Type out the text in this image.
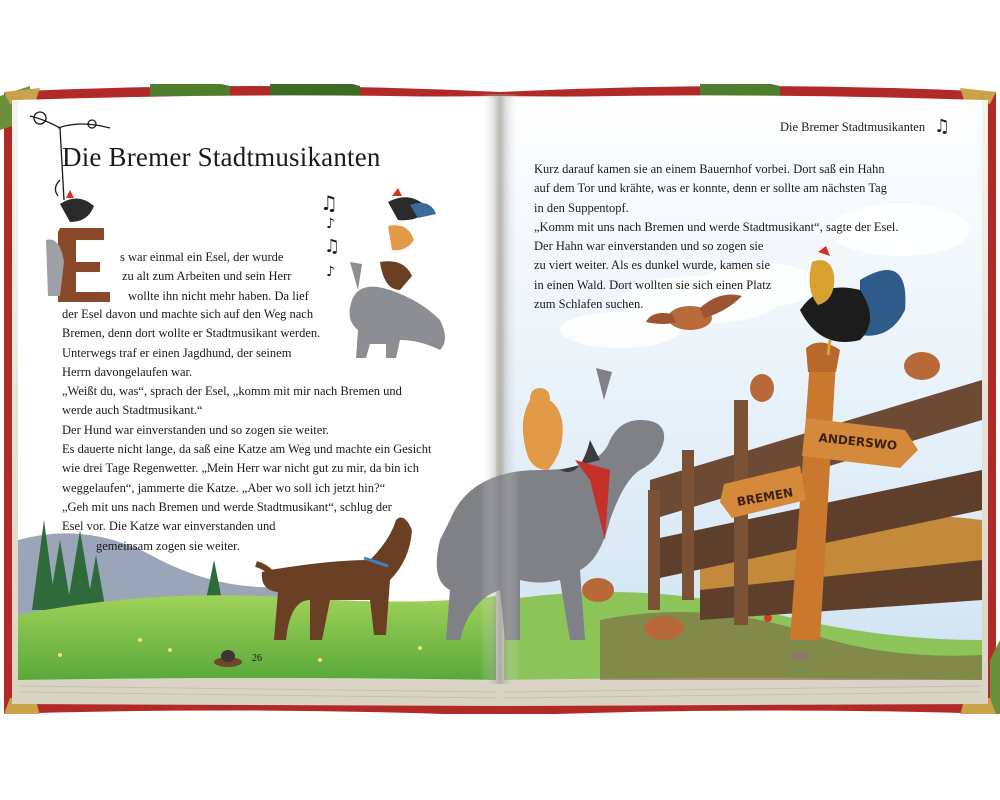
♫
♪
♫
♪
♫
ANDERSWO
BREMEN
Die Bremer Stadtmusikanten
Die Bremer Stadtmusikanten
s war einmal ein Esel, der wurde
zu alt zum Arbeiten und sein Herr
wollte ihn nicht mehr haben. Da lief
der Esel davon und machte sich auf den Weg nach
Bremen, denn dort wollte er Stadtmusikant werden.
Unterwegs traf er einen Jagdhund, der seinem
Herrn davongelaufen war.
„Weißt du, was“, sprach der Esel, „komm mit mir nach Bremen und
werde auch Stadtmusikant.“
Der Hund war einverstanden und so zogen sie weiter.
Es dauerte nicht lange, da saß eine Katze am Weg und machte ein Gesicht
wie drei Tage Regenwetter. „Mein Herr war nicht gut zu mir, da bin ich
weggelaufen“, jammerte die Katze. „Aber wo soll ich jetzt hin?“
„Geh mit uns nach Bremen und werde Stadtmusikant“, schlug der
Esel vor. Die Katze war einverstanden und
gemeinsam zogen sie weiter.
Kurz darauf kamen sie an einem Bauernhof vorbei. Dort saß ein Hahn
auf dem Tor und krähte, was er konnte, denn er sollte am nächsten Tag
in den Suppentopf.
„Komm mit uns nach Bremen und werde Stadtmusikant“, sagte der Esel.
Der Hahn war einverstanden und so zogen sie
zu viert weiter. Als es dunkel wurde, kamen sie
in einen Wald. Dort wollten sie sich einen Platz
zum Schlafen suchen.
26
